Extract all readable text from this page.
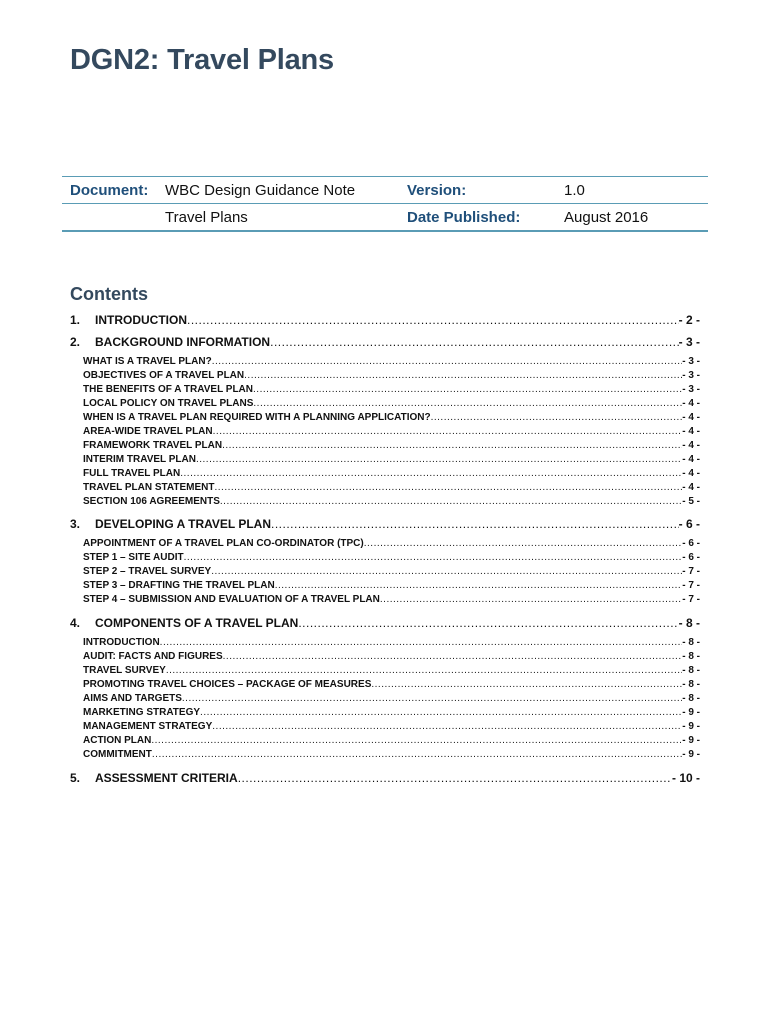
DGN2: Travel Plans
Document: WBC Design Guidance Note	Version:	1.0
Travel Plans	Date Published:	August 2016
Contents
1.	INTRODUCTION .....	- 2 -
2.	BACKGROUND INFORMATION .....	- 3 -
WHAT IS A TRAVEL PLAN? .....	- 3 -
OBJECTIVES OF A TRAVEL PLAN .....	- 3 -
THE BENEFITS OF A TRAVEL PLAN .....	- 3 -
LOCAL POLICY ON TRAVEL PLANS .....	- 4 -
WHEN IS A TRAVEL PLAN REQUIRED WITH A PLANNING APPLICATION? .....	- 4 -
AREA-WIDE TRAVEL PLAN .....	- 4 -
FRAMEWORK TRAVEL PLAN .....	- 4 -
INTERIM TRAVEL PLAN .....	- 4 -
FULL TRAVEL PLAN .....	- 4 -
TRAVEL PLAN STATEMENT .....	- 4 -
SECTION 106 AGREEMENTS .....	- 5 -
3.	DEVELOPING A TRAVEL PLAN .....	- 6 -
APPOINTMENT OF A TRAVEL PLAN CO-ORDINATOR (TPC) .....	- 6 -
STEP 1 – SITE AUDIT .....	- 6 -
STEP 2 – TRAVEL SURVEY .....	- 7 -
STEP 3 – DRAFTING THE TRAVEL PLAN .....	- 7 -
STEP 4 – SUBMISSION AND EVALUATION OF A TRAVEL PLAN .....	- 7 -
4.	COMPONENTS OF A TRAVEL PLAN .....	- 8 -
INTRODUCTION .....	- 8 -
AUDIT: FACTS AND FIGURES .....	- 8 -
TRAVEL SURVEY .....	- 8 -
PROMOTING TRAVEL CHOICES – PACKAGE OF MEASURES .....	- 8 -
AIMS AND TARGETS .....	- 8 -
MARKETING STRATEGY .....	- 9 -
MANAGEMENT STRATEGY .....	- 9 -
ACTION PLAN .....	- 9 -
COMMITMENT .....	- 9 -
5.	ASSESSMENT CRITERIA .....	- 10 -
